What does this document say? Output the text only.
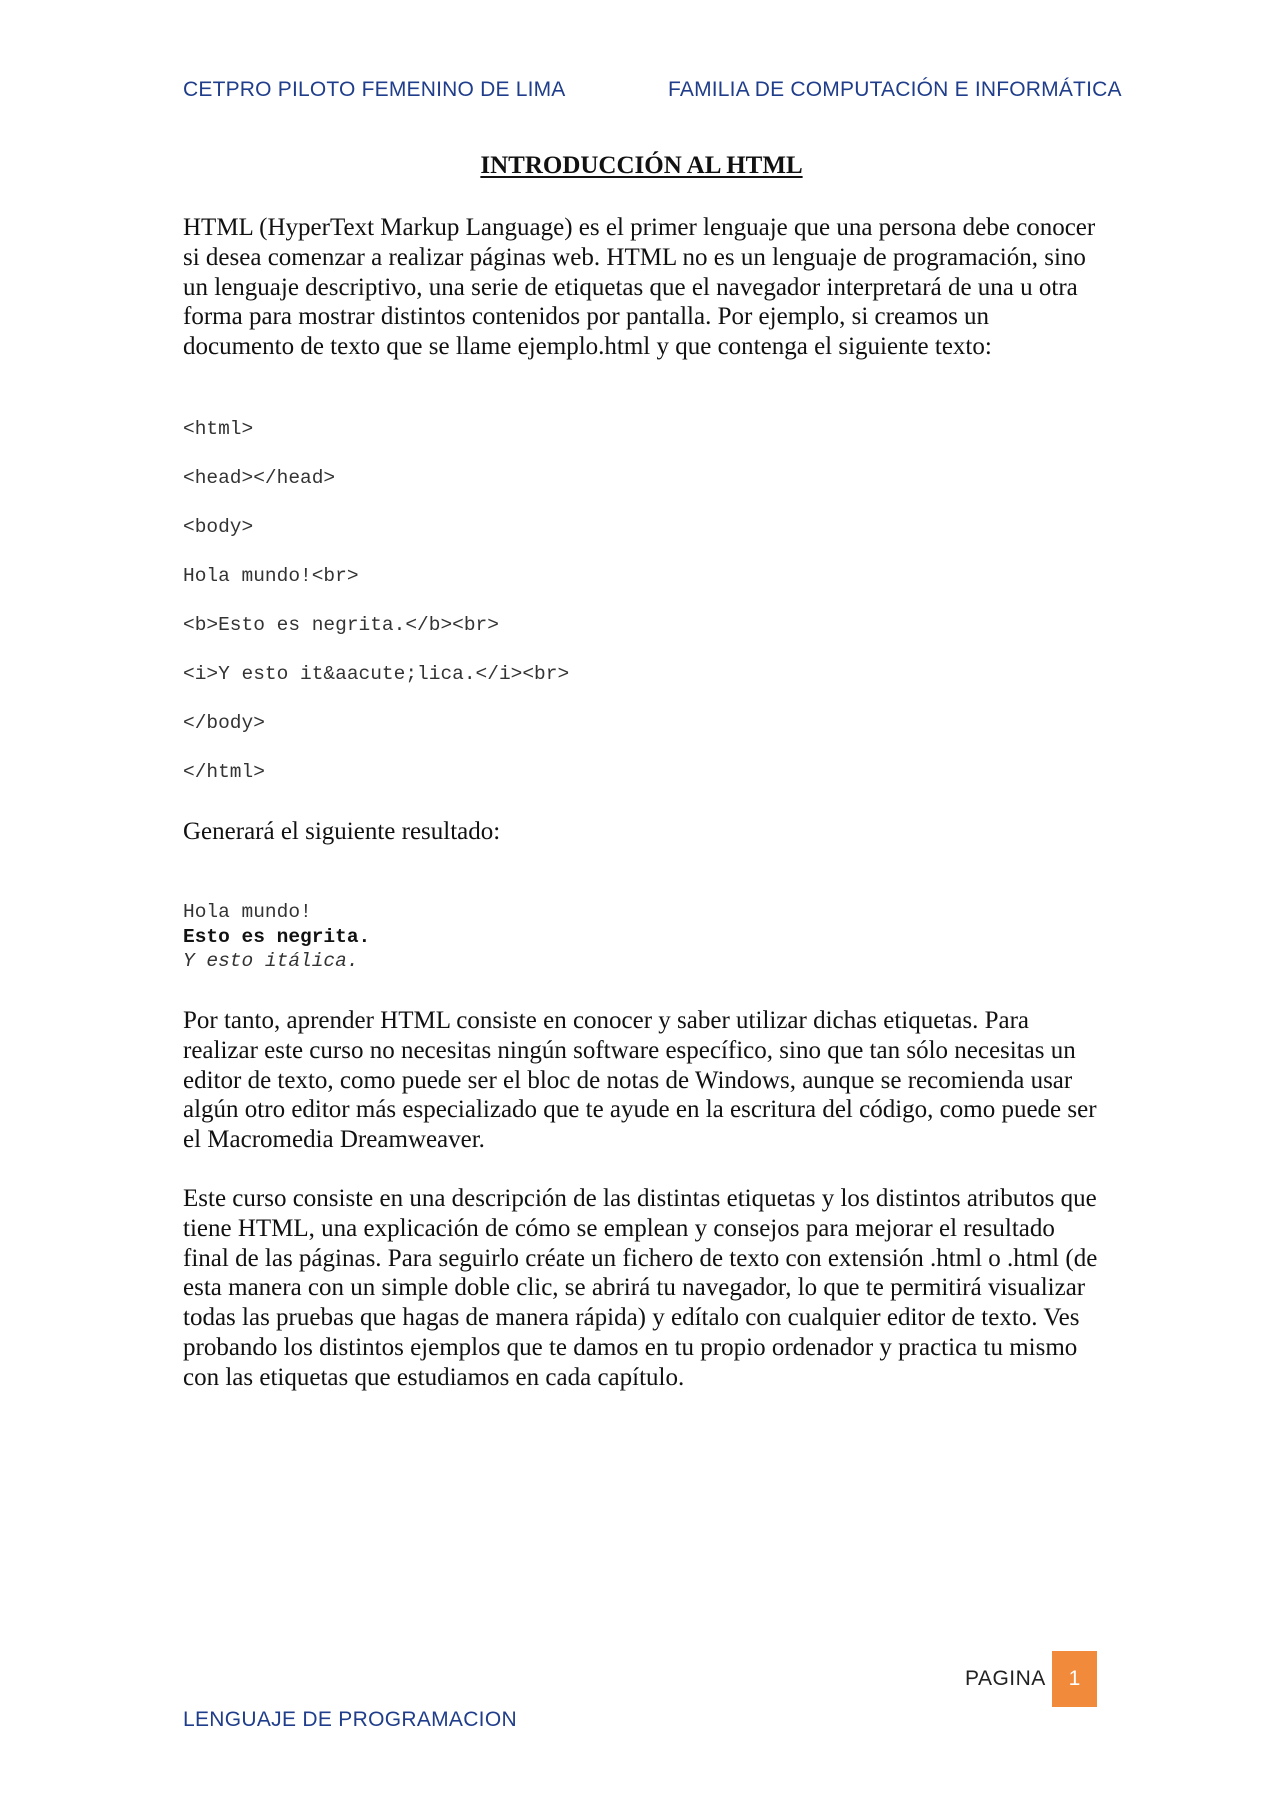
CETPRO PILOTO FEMENINO DE LIMA	FAMILIA DE COMPUTACIÓN E INFORMÁTICA
INTRODUCCIÓN AL HTML
HTML (HyperText Markup Language) es el primer lenguaje que una persona debe conocer si desea comenzar a realizar páginas web. HTML no es un lenguaje de programación, sino un lenguaje descriptivo, una serie de etiquetas que el navegador interpretará de una u otra forma para mostrar distintos contenidos por pantalla. Por ejemplo, si creamos un documento de texto que se llame ejemplo.html y que contenga el siguiente texto:
<html>
<head></head>
<body>
Hola mundo!<br>
<b>Esto es negrita.</b><br>
<i>Y esto it&aacute;lica.</i><br>
</body>
</html>
Generará el siguiente resultado:
Hola mundo!
Esto es negrita.
Y esto itálica.
Por tanto, aprender HTML consiste en conocer y saber utilizar dichas etiquetas. Para realizar este curso no necesitas ningún software específico, sino que tan sólo necesitas un editor de texto, como puede ser el bloc de notas de Windows, aunque se recomienda usar algún otro editor más especializado que te ayude en la escritura del código, como puede ser el Macromedia Dreamweaver.
Este curso consiste en una descripción de las distintas etiquetas y los distintos atributos que tiene HTML, una explicación de cómo se emplean y consejos para mejorar el resultado final de las páginas. Para seguirlo créate un fichero de texto con extensión .html o .html (de esta manera con un simple doble clic, se abrirá tu navegador, lo que te permitirá visualizar todas las pruebas que hagas de manera rápida) y edítalo con cualquier editor de texto. Ves probando los distintos ejemplos que te damos en tu propio ordenador y practica tu mismo con las etiquetas que estudiamos en cada capítulo.
PAGINA	1
LENGUAJE DE PROGRAMACION
